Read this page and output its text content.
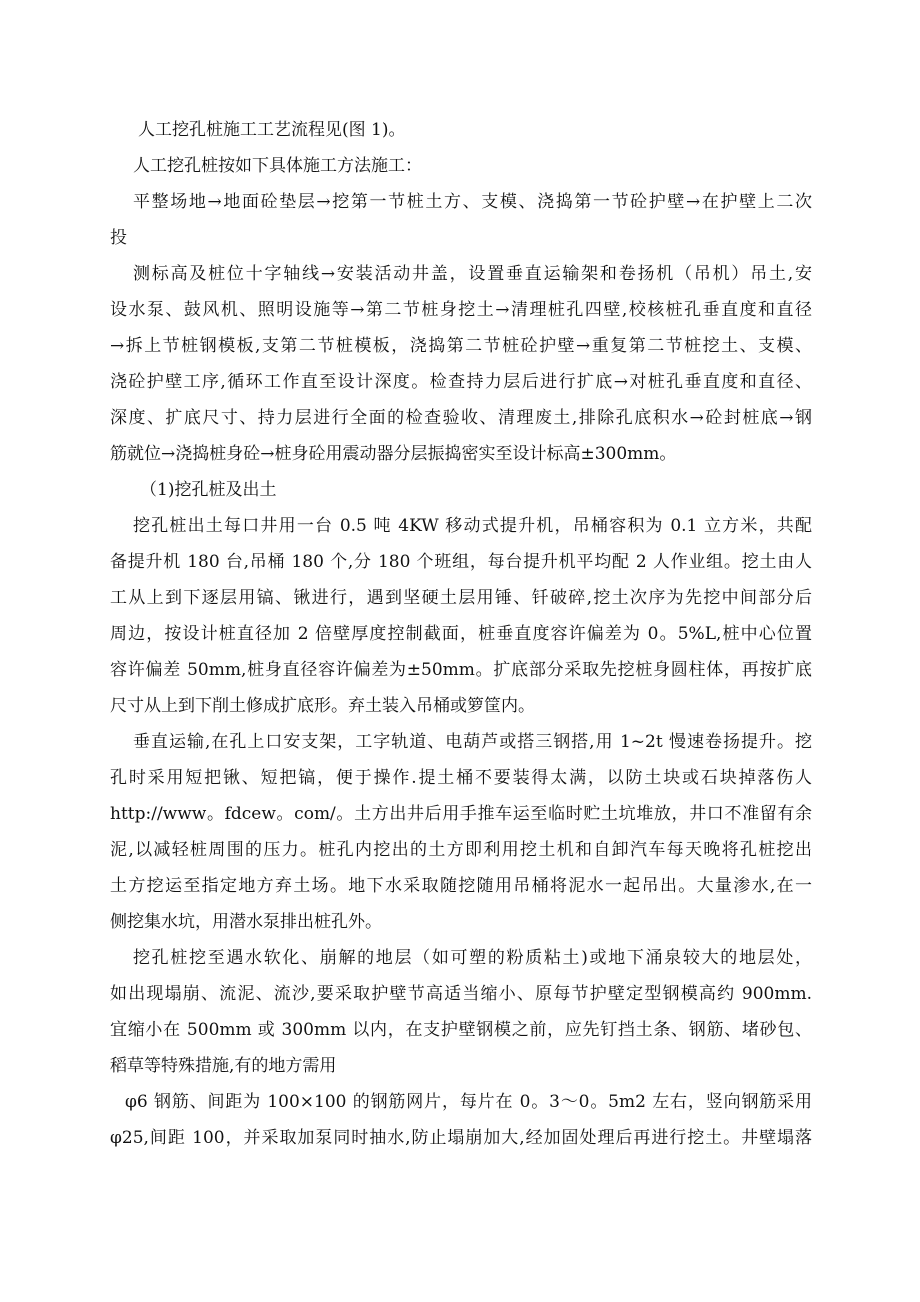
人工挖孔桩施工工艺流程见(图 1)。
人工挖孔桩按如下具体施工方法施工：
平整场地→地面砼垫层→挖第一节桩土方、支模、浇捣第一节砼护壁→在护壁上二次
投
测标高及桩位十字轴线→安装活动井盖，设置垂直运输架和卷扬机（吊机）吊土,安
设水泵、鼓风机、照明设施等→第二节桩身挖土→清理桩孔四壁,校核桩孔垂直度和直径
→拆上节桩钢模板,支第二节桩模板，浇捣第二节桩砼护壁→重复第二节桩挖土、支模、
浇砼护壁工序,循环工作直至设计深度。检查持力层后进行扩底→对桩孔垂直度和直径、
深度、扩底尺寸、持力层进行全面的检查验收、清理废土,排除孔底积水→砼封桩底→钢
筋就位→浇捣桩身砼→桩身砼用震动器分层振捣密实至设计标高±300mm。
（1)挖孔桩及出土
挖孔桩出土每口井用一台 0.5 吨 4KW 移动式提升机，吊桶容积为 0.1 立方米，共配
备提升机 180 台,吊桶 180 个,分 180 个班组，每台提升机平均配 2 人作业组。挖土由人
工从上到下逐层用镐、锹进行，遇到坚硬土层用锤、钎破碎,挖土次序为先挖中间部分后
周边，按设计桩直径加 2 倍壁厚度控制截面，桩垂直度容许偏差为 0。5%L,桩中心位置
容许偏差 50mm,桩身直径容许偏差为±50mm。扩底部分采取先挖桩身圆柱体，再按扩底
尺寸从上到下削土修成扩底形。弃土装入吊桶或箩筐内。
垂直运输,在孔上口安支架，工字轨道、电葫芦或搭三钢搭,用 1~2t 慢速卷扬提升。挖
孔时采用短把锹、短把镐，便于操作.提土桶不要装得太满，以防土块或石块掉落伤人
http://www。fdcew。com/。土方出井后用手推车运至临时贮土坑堆放，井口不准留有余
泥,以减轻桩周围的压力。桩孔内挖出的土方即利用挖土机和自卸汽车每天晚将孔桩挖出
土方挖运至指定地方弃土场。地下水采取随挖随用吊桶将泥水一起吊出。大量渗水,在一
侧挖集水坑，用潜水泵排出桩孔外。
挖孔桩挖至遇水软化、崩解的地层（如可塑的粉质粘土)或地下涌泉较大的地层处，
如出现塌崩、流泥、流沙,要采取护壁节高适当缩小、原每节护壁定型钢模高约 900mm.
宜缩小在 500mm 或 300mm 以内，在支护壁钢模之前，应先钉挡土条、钢筋、堵砂包、
稻草等特殊措施,有的地方需用
φ6 钢筋、间距为 100×100 的钢筋网片，每片在 0。3～0。5m2 左右，竖向钢筋采用
φ25,间距 100，并采取加泵同时抽水,防止塌崩加大,经加固处理后再进行挖土。井壁塌落
